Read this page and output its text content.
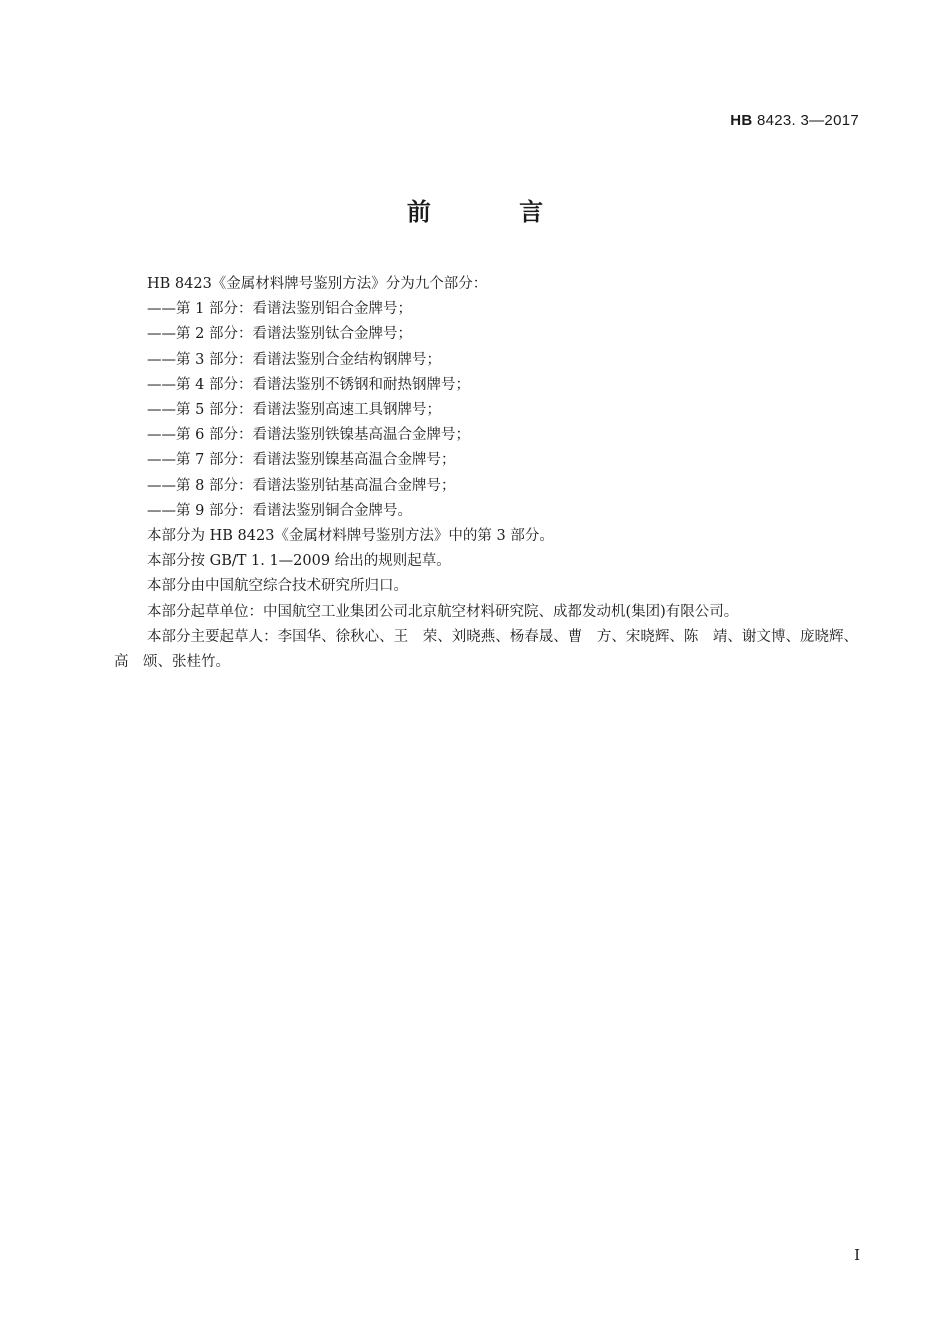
HB 8423. 3—2017
前 言

HB 8423《金属材料牌号鉴别方法》分为九个部分：

——第 1 部分：看谱法鉴别铝合金牌号；

——第 2 部分：看谱法鉴别钛合金牌号；

——第 3 部分：看谱法鉴别合金结构钢牌号；

——第 4 部分：看谱法鉴别不锈钢和耐热钢牌号；

——第 5 部分：看谱法鉴别高速工具钢牌号；

——第 6 部分：看谱法鉴别铁镍基高温合金牌号；

——第 7 部分：看谱法鉴别镍基高温合金牌号；

——第 8 部分：看谱法鉴别钴基高温合金牌号；

——第 9 部分：看谱法鉴别铜合金牌号。

本部分为 HB 8423《金属材料牌号鉴别方法》中的第 3 部分。

本部分按 GB/T 1. 1—2009 给出的规则起草。

本部分由中国航空综合技术研究所归口。

本部分起草单位：中国航空工业集团公司北京航空材料研究院、成都发动机(集团)有限公司。

本部分主要起草人：李国华、徐秋心、王　荣、刘晓燕、杨春晟、曹　方、宋晓辉、陈　靖、谢文博、庞晓辉、高　颂、张桂竹。

I
